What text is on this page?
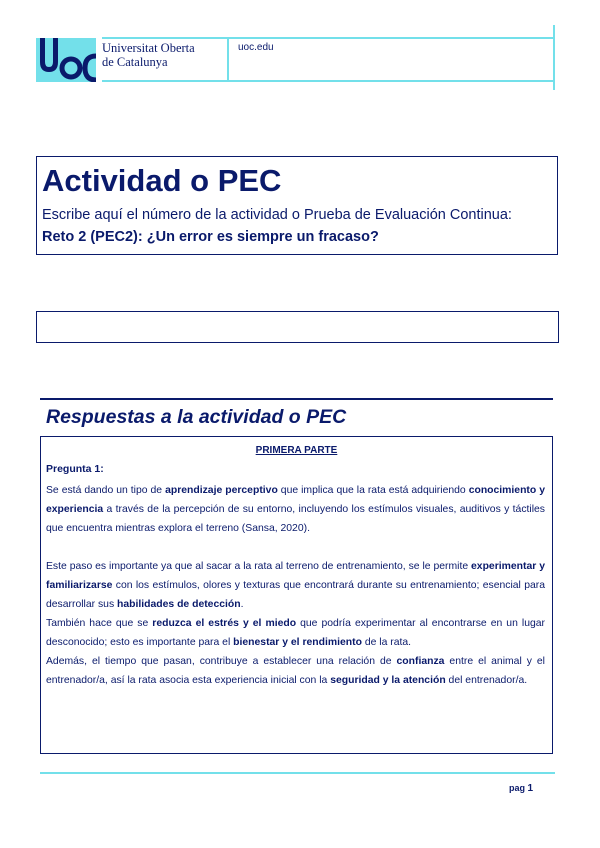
Universitat Oberta
de Catalunya
uoc.edu
Actividad o PEC
Escribe aquí el número de la actividad o Prueba de Evaluación Continua:
Reto 2 (PEC2): ¿Un error es siempre un fracaso?
Respuestas a la actividad o PEC
PRIMERA PARTE
Pregunta 1:

Se está dando un tipo de aprendizaje perceptivo que implica que la rata está adquiriendo conocimiento y experiencia a través de la percepción de su entorno, incluyendo los estímulos visuales, auditivos y táctiles que encuentra mientras explora el terreno (Sansa, 2020).

Este paso es importante ya que al sacar a la rata al terreno de entrenamiento, se le permite experimentar y familiarizarse con los estímulos, olores y texturas que encontrará durante su entrenamiento; esencial para desarrollar sus habilidades de detección.

También hace que se reduzca el estrés y el miedo que podría experimentar al encontrarse en un lugar desconocido; esto es importante para el bienestar y el rendimiento de la rata.

Además, el tiempo que pasan, contribuye a establecer una relación de confianza entre el animal y el entrenador/a, así la rata asocia esta experiencia inicial con la seguridad y la atención del entrenador/a.

pag 1
